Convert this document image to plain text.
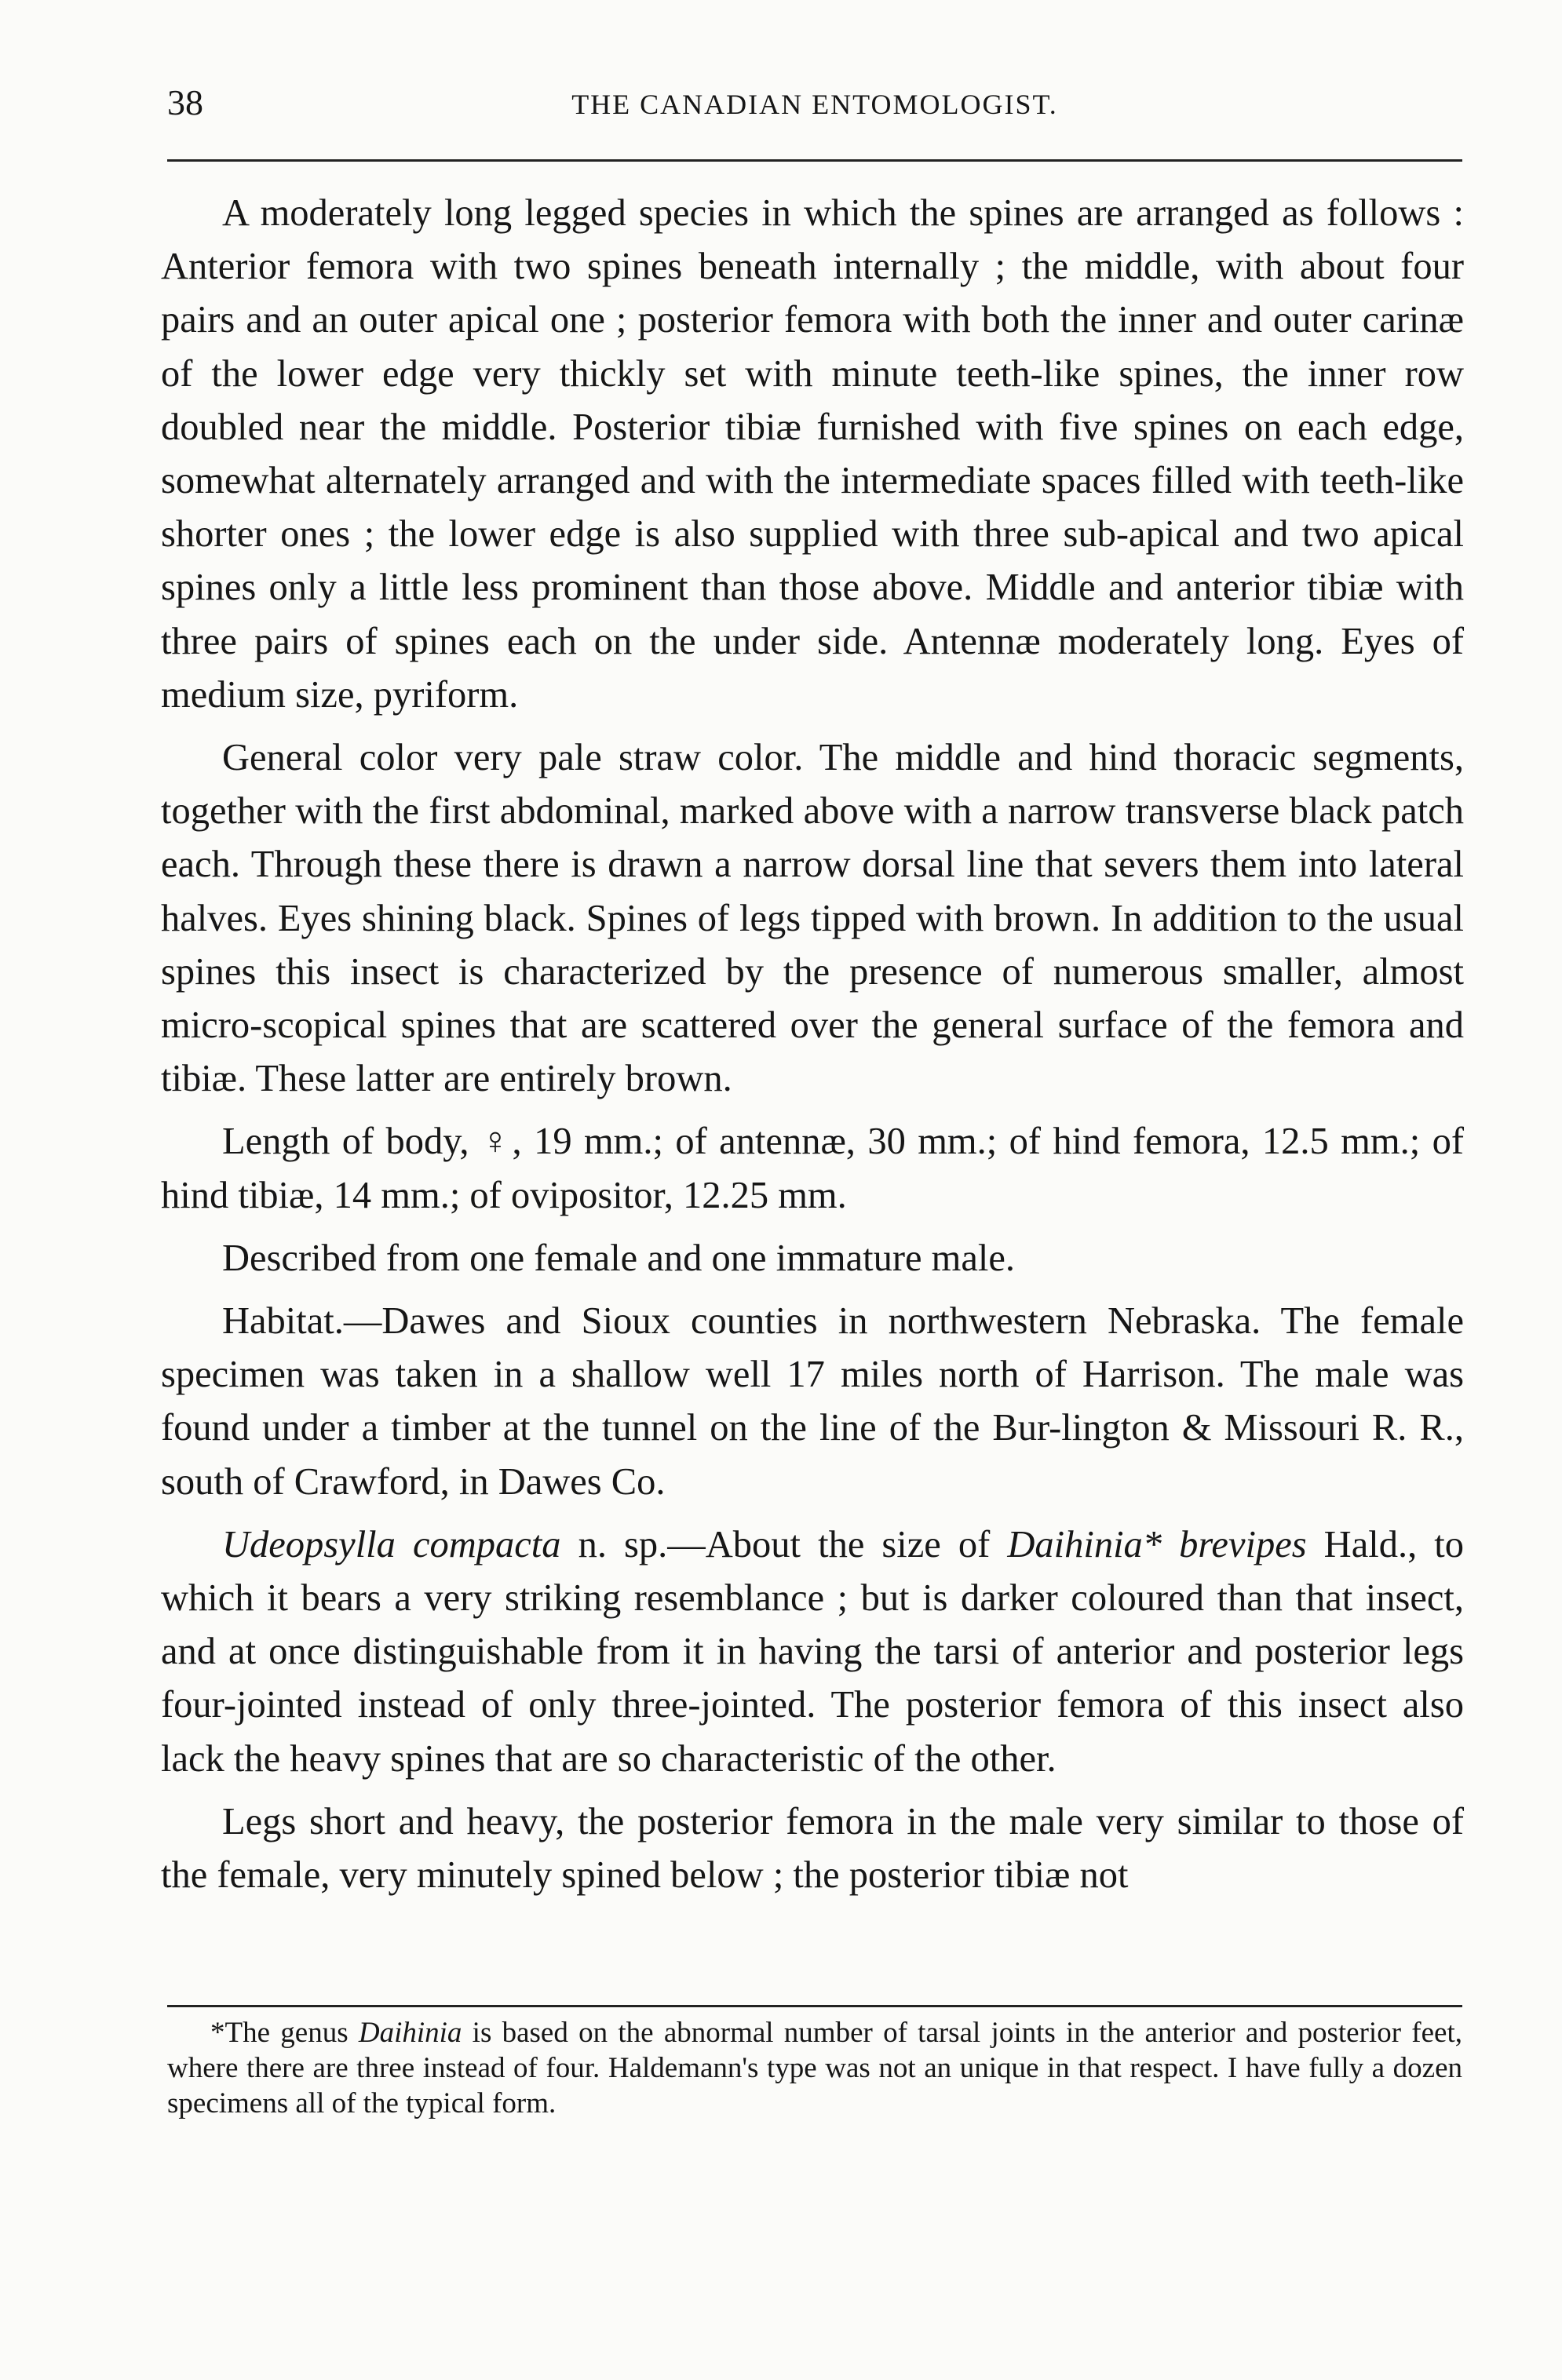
38	THE CANADIAN ENTOMOLOGIST.

A moderately long legged species in which the spines are arranged as follows : Anterior femora with two spines beneath internally ; the middle, with about four pairs and an outer apical one ; posterior femora with both the inner and outer carinæ of the lower edge very thickly set with minute teeth-like spines, the inner row doubled near the middle. Posterior tibiæ furnished with five spines on each edge, somewhat alternately arranged and with the intermediate spaces filled with teeth-like shorter ones ; the lower edge is also supplied with three sub-apical and two apical spines only a little less prominent than those above. Middle and anterior tibiæ with three pairs of spines each on the under side. Antennæ moderately long. Eyes of medium size, pyriform.

General color very pale straw color. The middle and hind thoracic segments, together with the first abdominal, marked above with a narrow transverse black patch each. Through these there is drawn a narrow dorsal line that severs them into lateral halves. Eyes shining black. Spines of legs tipped with brown. In addition to the usual spines this insect is characterized by the presence of numerous smaller, almost micro-scopical spines that are scattered over the general surface of the femora and tibiæ. These latter are entirely brown.

Length of body, ♀, 19 mm.; of antennæ, 30 mm.; of hind femora, 12.5 mm.; of hind tibiæ, 14 mm.; of ovipositor, 12.25 mm.

Described from one female and one immature male.

Habitat.—Dawes and Sioux counties in northwestern Nebraska. The female specimen was taken in a shallow well 17 miles north of Harrison. The male was found under a timber at the tunnel on the line of the Bur-lington & Missouri R. R., south of Crawford, in Dawes Co.

Udeopsylla compacta n. sp.—About the size of Daihinia* brevipes Hald., to which it bears a very striking resemblance ; but is darker coloured than that insect, and at once distinguishable from it in having the tarsi of anterior and posterior legs four-jointed instead of only three-jointed. The posterior femora of this insect also lack the heavy spines that are so characteristic of the other.

Legs short and heavy, the posterior femora in the male very similar to those of the female, very minutely spined below ; the posterior tibiæ not

*The genus Daihinia is based on the abnormal number of tarsal joints in the anterior and posterior feet, where there are three instead of four. Haldemann's type was not an unique in that respect. I have fully a dozen specimens all of the typical form.
